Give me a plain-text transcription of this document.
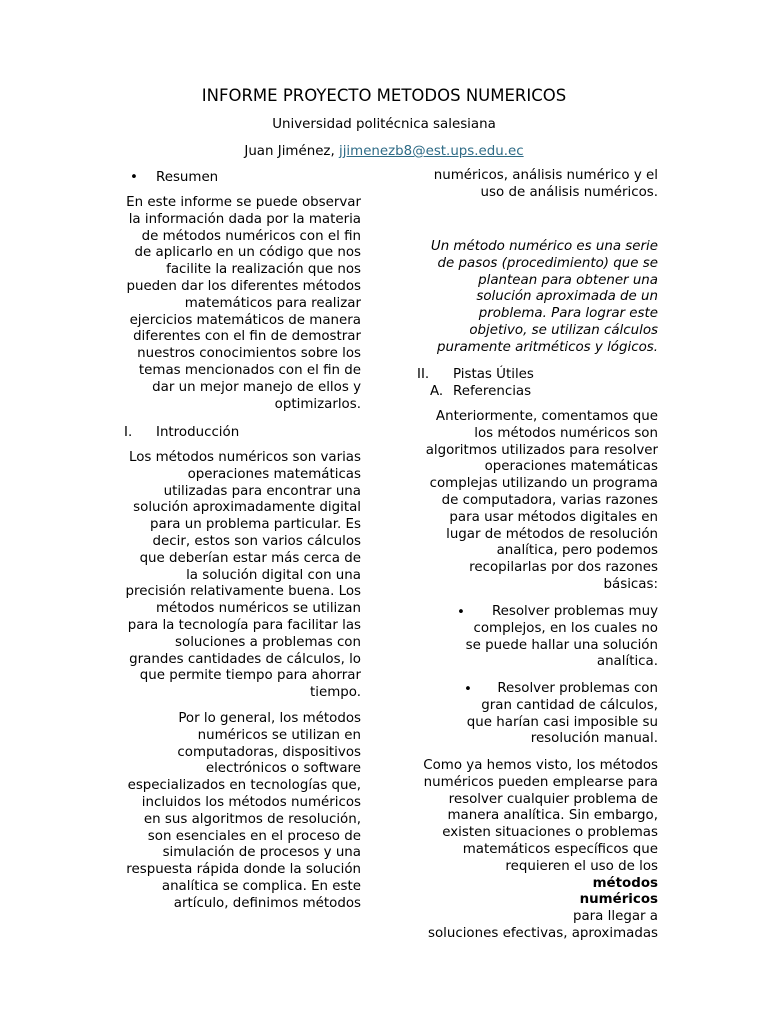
INFORME PROYECTO METODOS NUMERICOS

Universidad politécnica salesiana

Juan Jiménez, jjimenezb8@est.ups.edu.ec

• Resumen
En este informe se puede observar
la información dada por la materia
de métodos numéricos con el fin
de aplicarlo en un código que nos
facilite la realización que nos
pueden dar los diferentes métodos
matemáticos para realizar
ejercicios matemáticos de manera
diferentes con el fin de demostrar
nuestros conocimientos sobre los
temas mencionados con el fin de
dar un mejor manejo de ellos y
optimizarlos.
I. Introducción
Los métodos numéricos son varias
operaciones matemáticas
utilizadas para encontrar una
solución aproximadamente digital
para un problema particular. Es
decir, estos son varios cálculos
que deberían estar más cerca de
la solución digital con una
precisión relativamente buena. Los
métodos numéricos se utilizan
para la tecnología para facilitar las
soluciones a problemas con
grandes cantidades de cálculos, lo
que permite tiempo para ahorrar
tiempo.
Por lo general, los métodos
numéricos se utilizan en
computadoras, dispositivos
electrónicos o software
especializados en tecnologías que,
incluidos los métodos numéricos
en sus algoritmos de resolución,
son esenciales en el proceso de
simulación de procesos y una
respuesta rápida donde la solución
analítica se complica. En este
artículo, definimos métodos
numéricos, análisis numérico y el
uso de análisis numéricos.
Un método numérico es una serie
de pasos (procedimiento) que se
plantean para obtener una
solución aproximada de un
problema. Para lograr este
objetivo, se utilizan cálculos
puramente aritméticos y lógicos.
II. Pistas Útiles
A. Referencias
Anteriormente, comentamos que
los métodos numéricos son
algoritmos utilizados para resolver
operaciones matemáticas
complejas utilizando un programa
de computadora, varias razones
para usar métodos digitales en
lugar de métodos de resolución
analítica, pero podemos
recopilarlas por dos razones
básicas:
•	Resolver problemas muy
complejos, en los cuales no
se puede hallar una solución
analítica.
•	Resolver problemas con
gran cantidad de cálculos,
que harían casi imposible su
resolución manual.
Como ya hemos visto, los métodos
numéricos pueden emplearse para
resolver cualquier problema de
manera analítica. Sin embargo,
existen situaciones o problemas
matemáticos específicos que
requieren el uso de los
métodos
numéricos
para llegar a
soluciones efectivas, aproximadas
